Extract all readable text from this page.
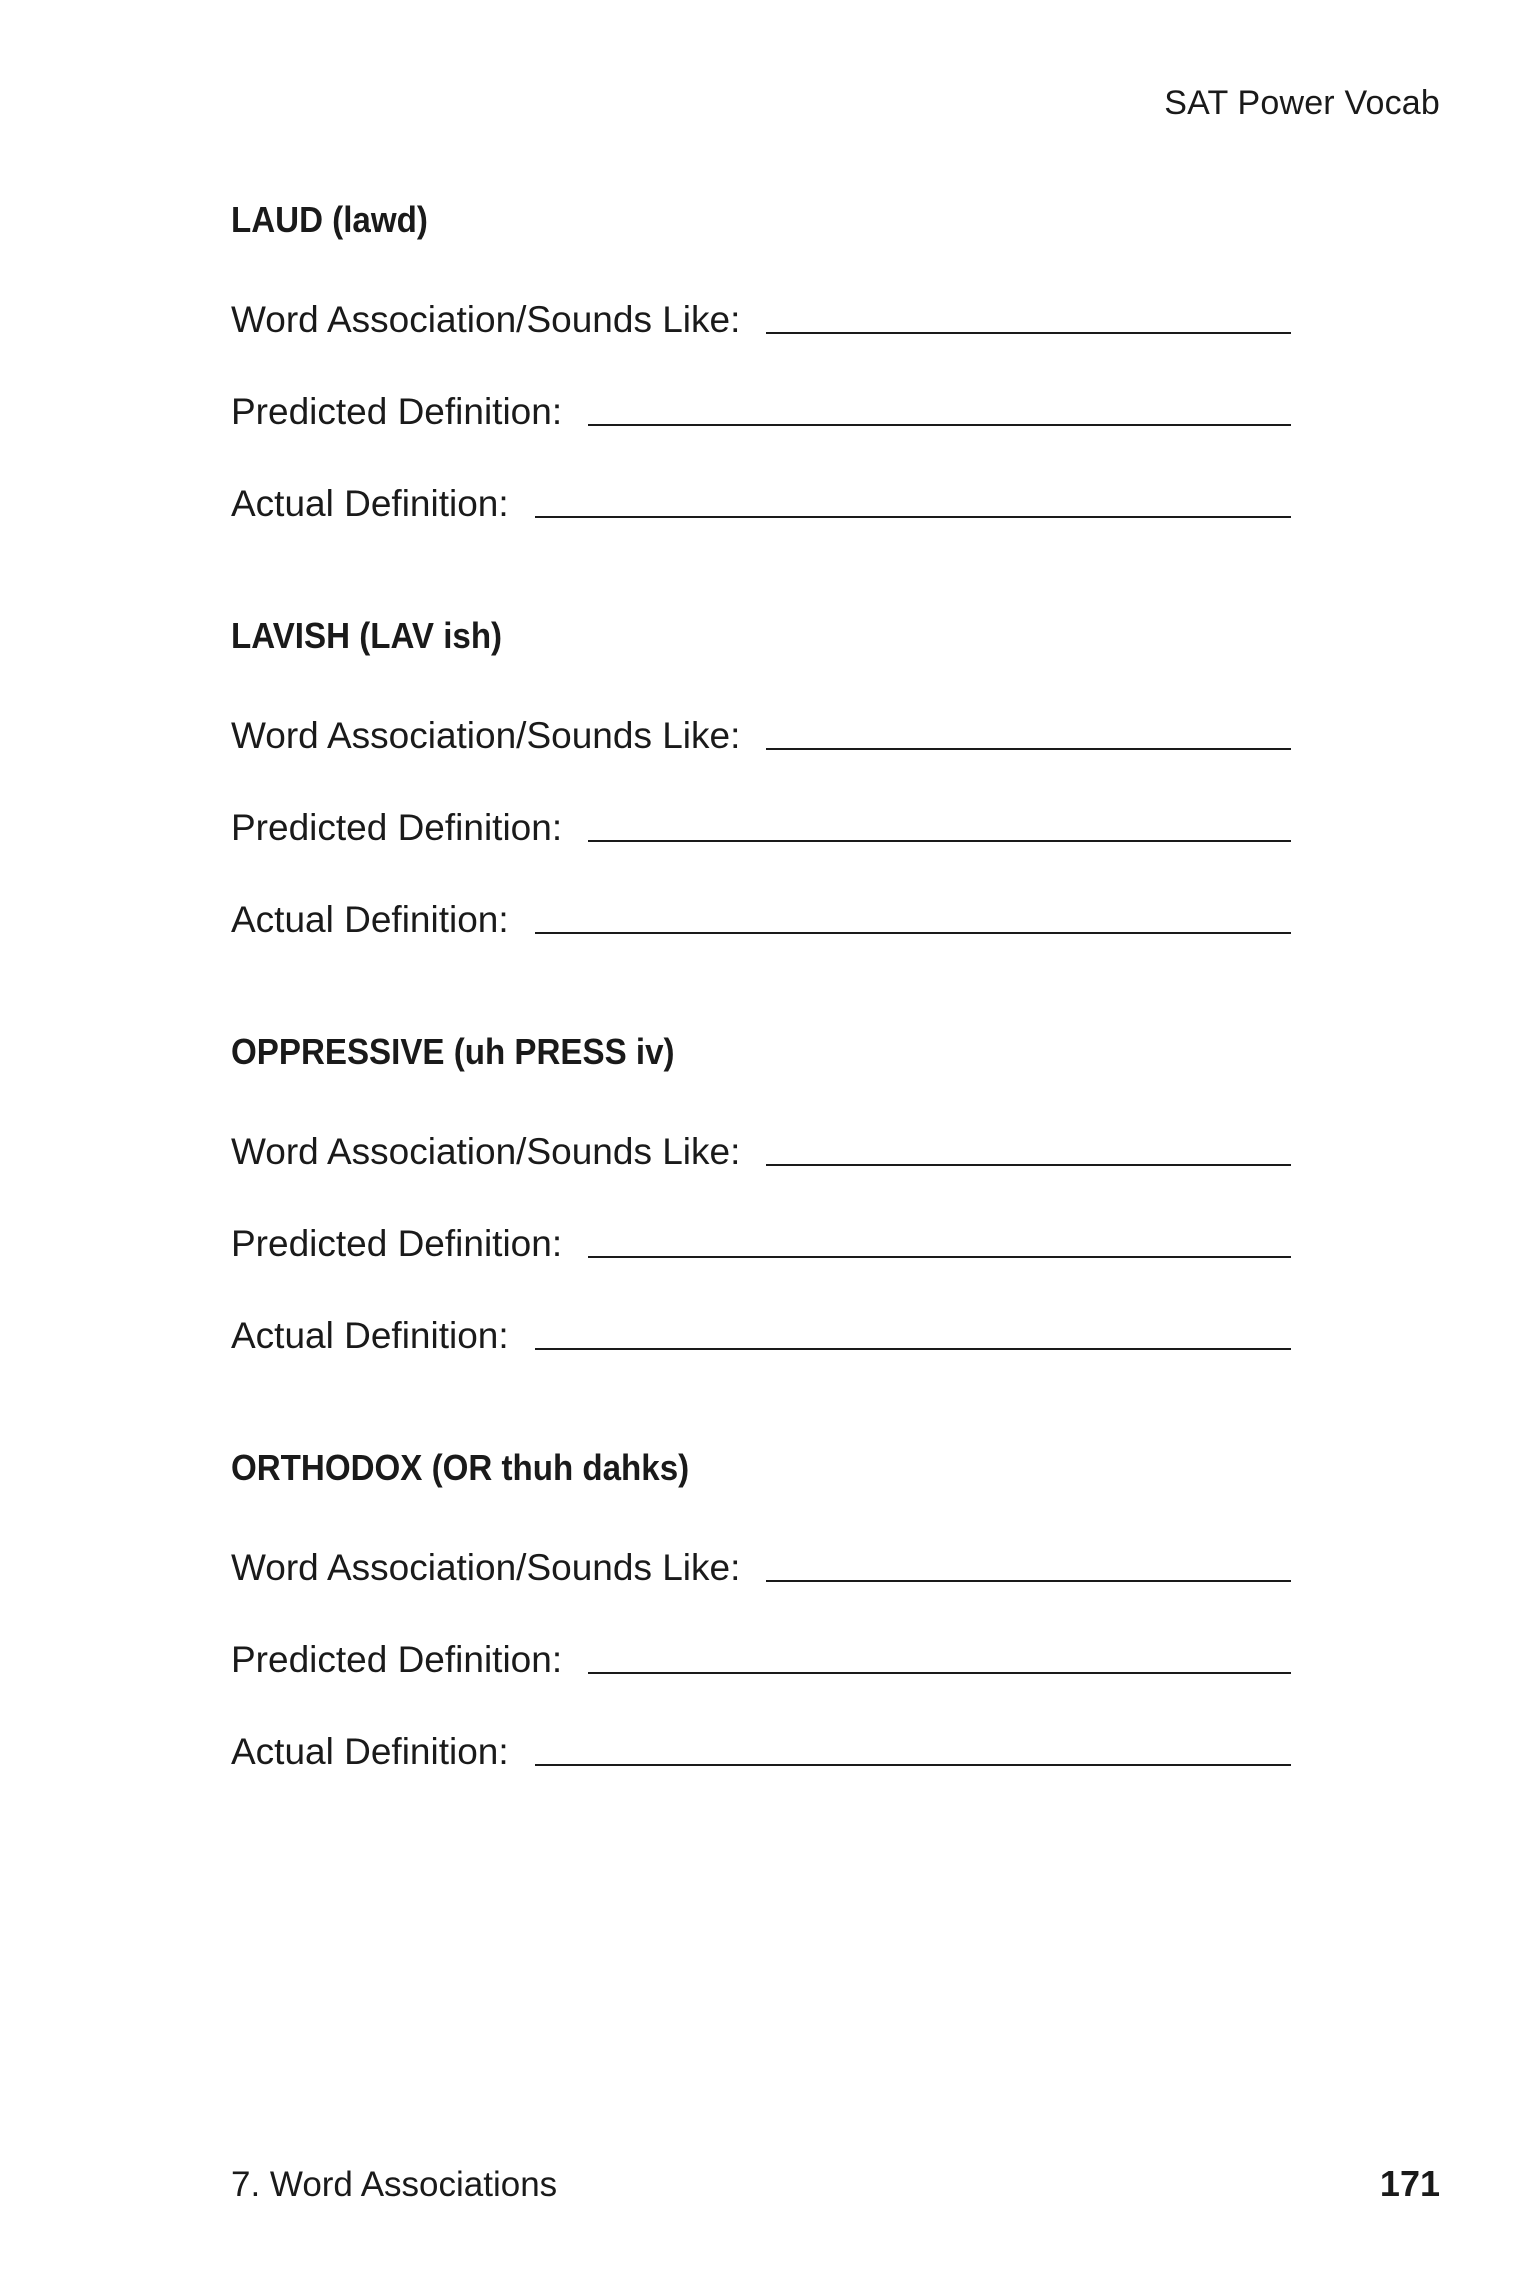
SAT Power Vocab
LAUD (lawd)
Word Association/Sounds Like:
Predicted Definition:
Actual Definition:
LAVISH (LAV ish)
Word Association/Sounds Like:
Predicted Definition:
Actual Definition:
OPPRESSIVE (uh PRESS iv)
Word Association/Sounds Like:
Predicted Definition:
Actual Definition:
ORTHODOX (OR thuh dahks)
Word Association/Sounds Like:
Predicted Definition:
Actual Definition:
7. Word Associations	171
